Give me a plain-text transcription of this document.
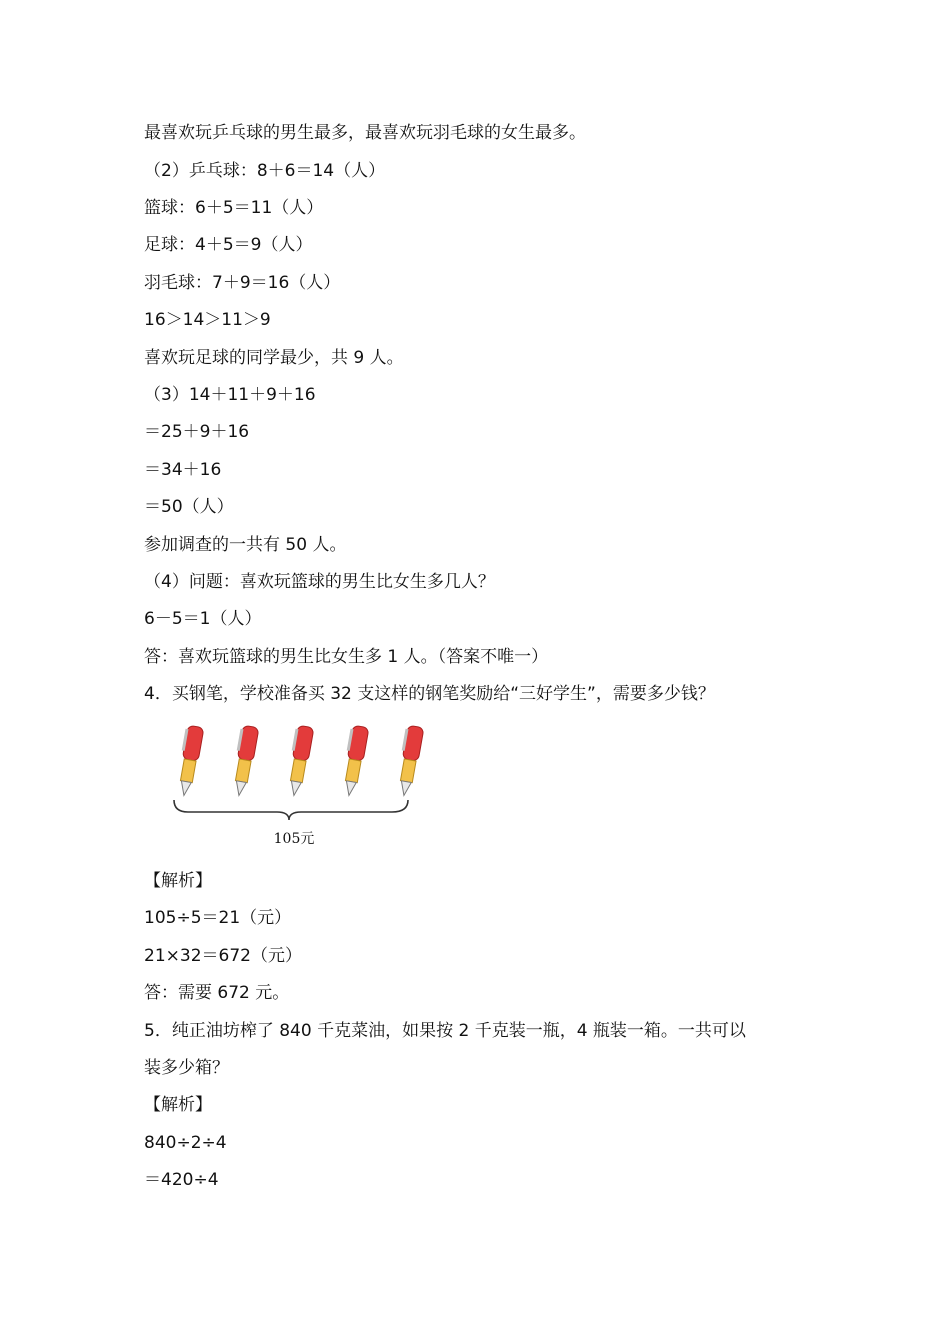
最喜欢玩乒乓球的男生最多，最喜欢玩羽毛球的女生最多。
（2）乒乓球：8＋6＝14（人）
篮球：6＋5＝11（人）
足球：4＋5＝9（人）
羽毛球：7＋9＝16（人）
16＞14＞11＞9
喜欢玩足球的同学最少，共 9 人。
（3）14＋11＋9＋16
＝25＋9＋16
＝34＋16
＝50（人）
参加调查的一共有 50 人。
（4）问题：喜欢玩篮球的男生比女生多几人？
6－5＝1（人）
答：喜欢玩篮球的男生比女生多 1 人。（答案不唯一）
4．买钢笔，学校准备买 32 支这样的钢笔奖励给“三好学生”，需要多少钱？
105元
【解析】
105÷5＝21（元）
21×32＝672（元）
答：需要 672 元。
5．纯正油坊榨了 840 千克菜油，如果按 2 千克装一瓶，4 瓶装一箱。一共可以
装多少箱？
【解析】
840÷2÷4
＝420÷4
